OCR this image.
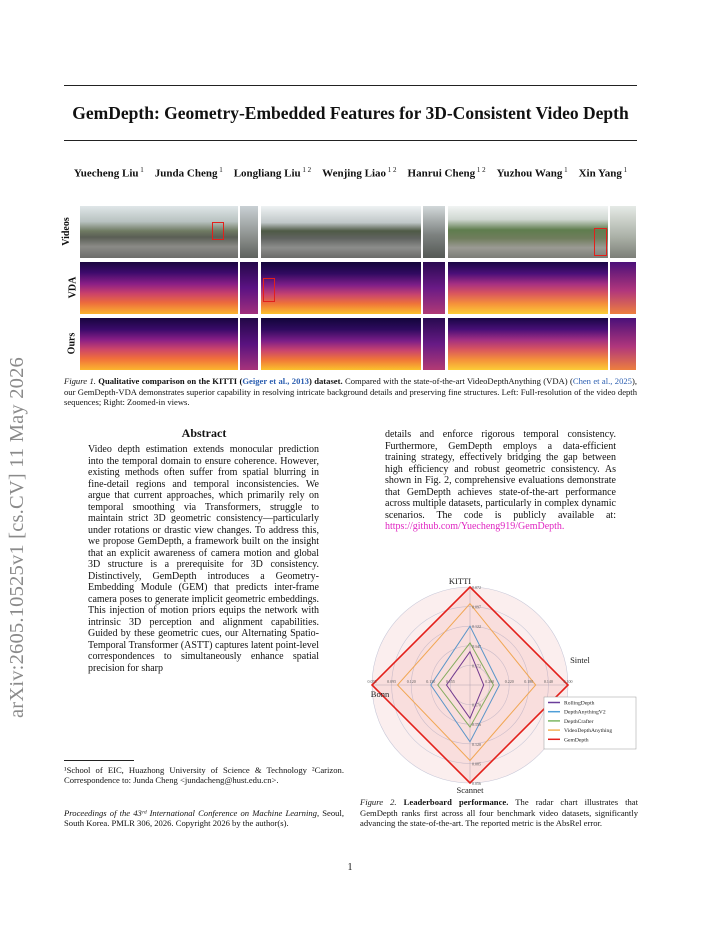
arXiv:2605.10525v1 [cs.CV] 11 May 2026
GemDepth: Geometry-Embedded Features for 3D-Consistent Video Depth
Yuecheng Liu $^1$  Junda Cheng $^1$  Longliang Liu $^{1 2}$  Wenjing Liao $^{1 2}$  Hanrui Cheng $^{1 2}$  Yuzhou Wang $^1$  Xin Yang $^1$
Videos
VDA
Ours
Figure 1. Qualitative comparison on the KITTI (Geiger et al., 2013) dataset. Compared with the state-of-the-art VideoDepthAnything (VDA) (Chen et al., 2025), our GemDepth-VDA demonstrates superior capability in resolving intricate background details and preserving fine structures. Left: Full-resolution of the video depth sequences; Right: Zoomed-in views.
Abstract
Video depth estimation extends monocular prediction into the temporal domain to ensure coherence. However, existing methods often suffer from spatial blurring in fine-detail regions and temporal inconsistencies. We argue that current approaches, which primarily rely on temporal smoothing via Transformers, struggle to maintain strict 3D geometric consistency—particularly under rotations or drastic view changes. To address this, we propose GemDepth, a framework built on the insight that an explicit awareness of camera motion and global 3D structure is a prerequisite for 3D consistency. Distinctively, GemDepth introduces a Geometry-Embedding Module (GEM) that predicts inter-frame camera poses to generate implicit geometric embeddings. This injection of motion priors equips the network with intrinsic 3D perception and alignment capabilities. Guided by these geometric cues, our Alternating Spatio-Temporal Transformer (ASTT) captures latent point-level correspondences to simultaneously enhance spatial precision for sharp
details and enforce rigorous temporal consistency. Furthermore, GemDepth employs a data-efficient training strategy, effectively bridging the gap between high efficiency and robust geometric consistency. As shown in Fig. 2, comprehensive evaluations demonstrate that GemDepth achieves state-of-the-art performance across multiple datasets, particularly in complex dynamic scenarios. The code is publicly available at: https://github.com/Yuecheng919/GemDepth.
0.072
0.097
0.122
0.147
0.172
0.100
0.140
0.180
0.220
0.260
0.056
0.085
0.120
0.156
0.170
0.055	0.095	0.120	0.130	0.155
KITTI
Sintel
Scannet
Bonn
RollingDepth
DepthAnythingV2
DepthCrafter
VideoDepthAnything
GemDepth
¹School of EIC, Huazhong University of Science & Technology ²Carizon. Correspondence to: Junda Cheng <jundacheng@hust.edu.cn>.
Proceedings of the 43ʳᵈ International Conference on Machine Learning, Seoul, South Korea. PMLR 306, 2026. Copyright 2026 by the author(s).
Figure 2. Leaderboard performance. The radar chart illustrates that GemDepth ranks first across all four benchmark video datasets, significantly advancing the state-of-the-art. The reported metric is the AbsRel error.
1
